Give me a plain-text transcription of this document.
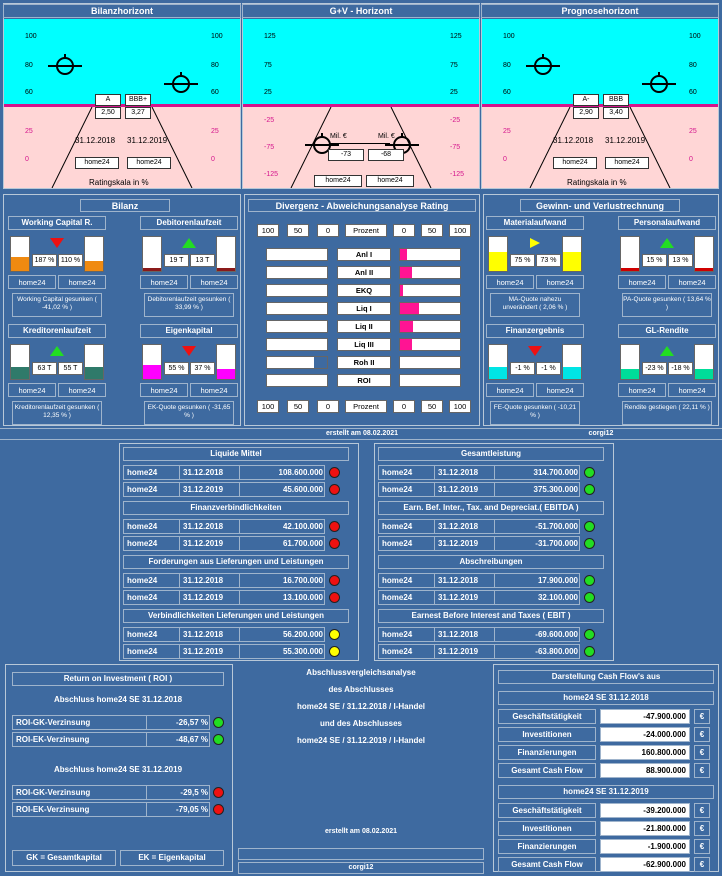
Bilanzhorizont
100
80
60
100
80
60
25
0
25
0
A	BBB+
2,50	3,27
31.12.2018 31.12.2019
home24	home24
Ratingskala in %
G+V - Horizont
125
75
25
125
75
25
-25
-75
-125
-25
-75
-125
Mil. €	Mil. €
-73	-68
home24	home24
Prognosehorizont
100
80
60
100
80
60
25
0
25
0
A-	BBB
2,90	3,40
31.12.2018 31.12.2019
home24	home24
Ratingskala in %
Bilanz	Gewinn- und Verlustrechnung
Working Capital R.
187 % 110 %
home24	home24
Working Capital gesunken ( -41,02 % )
Debitorenlaufzeit
19 T	13 T
home24	home24
Debitorenlaufzeit gesunken ( 33,99 % )
Kreditorenlaufzeit
63 T	55 T
home24	home24
Kreditorenlaufzeit gesunken ( 12,35 % )
Eigenkapital
55 %	37 %
home24	home24
EK-Quote gesunken ( -31,65 % )
Materialaufwand
75 %	73 %
home24	home24
MA-Quote nahezu unverändert ( 2,06 % )
Personalaufwand
15 %	13 %
home24	home24
PA-Quote gesunken ( 13,64 % )
Finanzergebnis
-1 %	-1 %
home24	home24
FE-Quote gesunken ( -10,21 % )
GL-Rendite
-23 %	-18 %
home24	home24
Rendite gestiegen ( 22,11 % )
Divergenz - Abweichungsanalyse Rating
100	50	0	Prozent	0	50	100
100	50	0	Prozent	0	50	100
Anl I
Anl II
EKQ
Liq I
Liq II
Liq III
Roh II
ROI
erstellt am 08.02.2021	corgi12
Liquide Mittel
home24	31.12.2018	108.600.000
home24	31.12.2019	45.600.000
Finanzverbindlichkeiten
home24	31.12.2018	42.100.000
home24	31.12.2019	61.700.000
Forderungen aus Lieferungen und Leistungen
home24	31.12.2018	16.700.000
home24	31.12.2019	13.100.000
Verbindlichkeiten Lieferungen und Leistungen
home24	31.12.2018	56.200.000
home24	31.12.2019	55.300.000
Gesamtleistung
home24	31.12.2018	314.700.000
home24	31.12.2019	375.300.000
Earn. Bef. Inter., Tax. and Depreciat.( EBITDA )
home24	31.12.2018	-51.700.000
home24	31.12.2019	-31.700.000
Abschreibungen
home24	31.12.2018	17.900.000
home24	31.12.2019	32.100.000
Earnest Before Interest and Taxes ( EBIT )
home24	31.12.2018	-69.600.000
home24	31.12.2019	-63.800.000
Return on Investment ( ROI )
Abschluss home24 SE 31.12.2018
ROI-GK-Verzinsung	-26,57 %
ROI-EK-Verzinsung	-48,67 %
Abschluss home24 SE 31.12.2019
ROI-GK-Verzinsung	-29,5 %
ROI-EK-Verzinsung	-79,05 %
GK = Gesamtkapital	EK = Eigenkapital
Abschlussvergleichsanalyse
des Abschlusses
home24 SE / 31.12.2018 / I-Handel
und des Abschlusses
home24 SE / 31.12.2019 / I-Handel
erstellt am 08.02.2021
corgi12
Darstellung Cash Flow's aus
home24 SE 31.12.2018
Geschäftstätigkeit	-47.900.000	€
Investitionen	-24.000.000	€
Finanzierungen	160.800.000	€
Gesamt Cash Flow	88.900.000	€
home24 SE 31.12.2019
Geschäftstätigkeit	-39.200.000	€
Investitionen	-21.800.000	€
Finanzierungen	-1.900.000	€
Gesamt Cash Flow	-62.900.000	€
